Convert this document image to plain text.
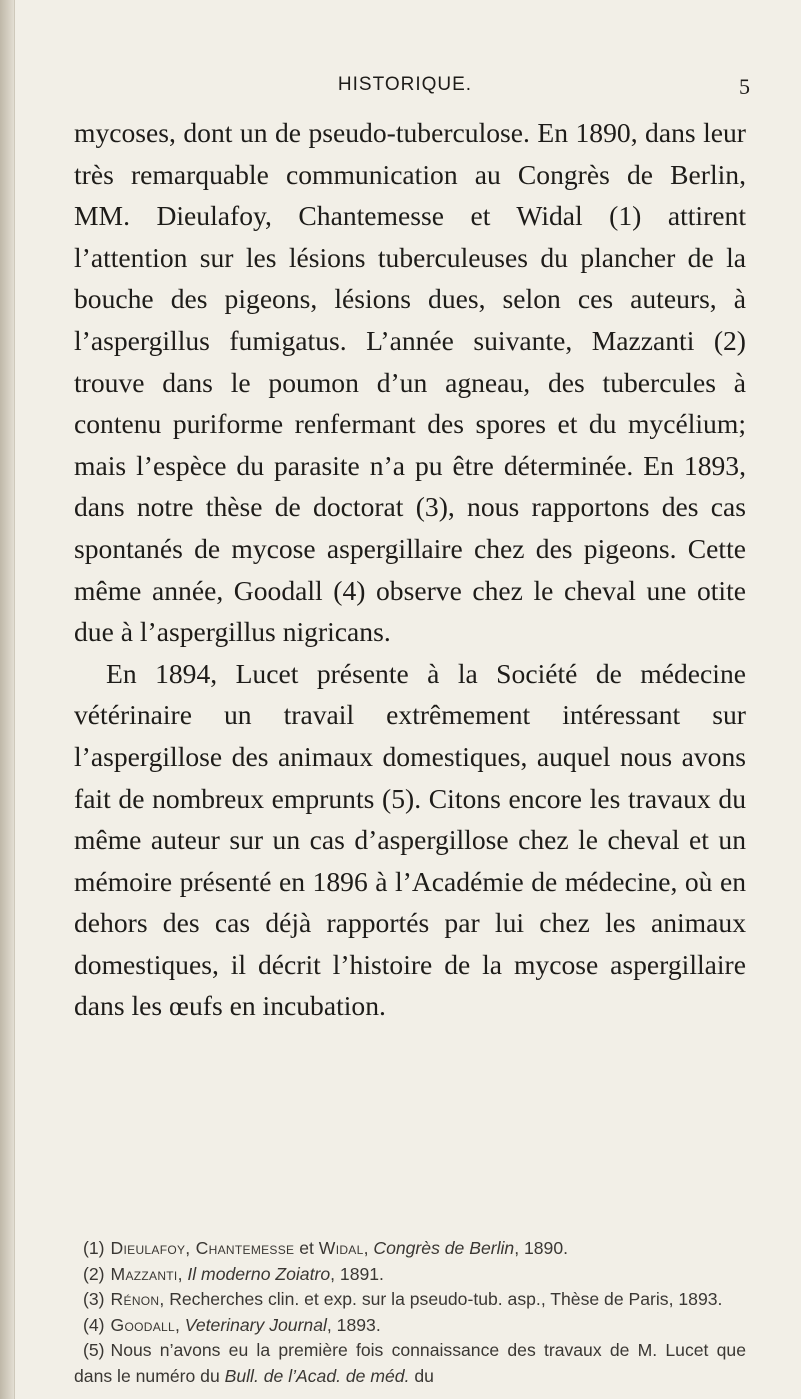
HISTORIQUE.	5

mycoses, dont un de pseudo-tuberculose. En 1890, dans leur très remarquable communication au Congrès de Berlin, MM. Dieulafoy, Chantemesse et Widal (1) attirent l’attention sur les lésions tuberculeuses du plancher de la bouche des pigeons, lésions dues, selon ces auteurs, à l’aspergillus fumigatus. L’année suivante, Mazzanti (2) trouve dans le poumon d’un agneau, des tubercules à contenu puriforme renfermant des spores et du mycélium; mais l’espèce du parasite n’a pu être déterminée. En 1893, dans notre thèse de doctorat (3), nous rapportons des cas spontanés de mycose aspergillaire chez des pigeons. Cette même année, Goodall (4) observe chez le cheval une otite due à l’aspergillus nigricans.

En 1894, Lucet présente à la Société de médecine vétérinaire un travail extrêmement intéressant sur l’aspergillose des animaux domestiques, auquel nous avons fait de nombreux emprunts (5). Citons encore les travaux du même auteur sur un cas d’aspergillose chez le cheval et un mémoire présenté en 1896 à l’Académie de médecine, où en dehors des cas déjà rapportés par lui chez les animaux domestiques, il décrit l’histoire de la mycose aspergillaire dans les œufs en incubation.

(1) Dieulafoy, Chantemesse et Widal, Congrès de Berlin, 1890.

(2) Mazzanti, Il moderno Zoiatro, 1891.

(3) Rénon, Recherches clin. et exp. sur la pseudo-tub. asp., Thèse de Paris, 1893.

(4) Goodall, Veterinary Journal, 1893.

(5) Nous n’avons eu la première fois connaissance des travaux de M. Lucet que dans le numéro du Bull. de l’Acad. de méd. du
